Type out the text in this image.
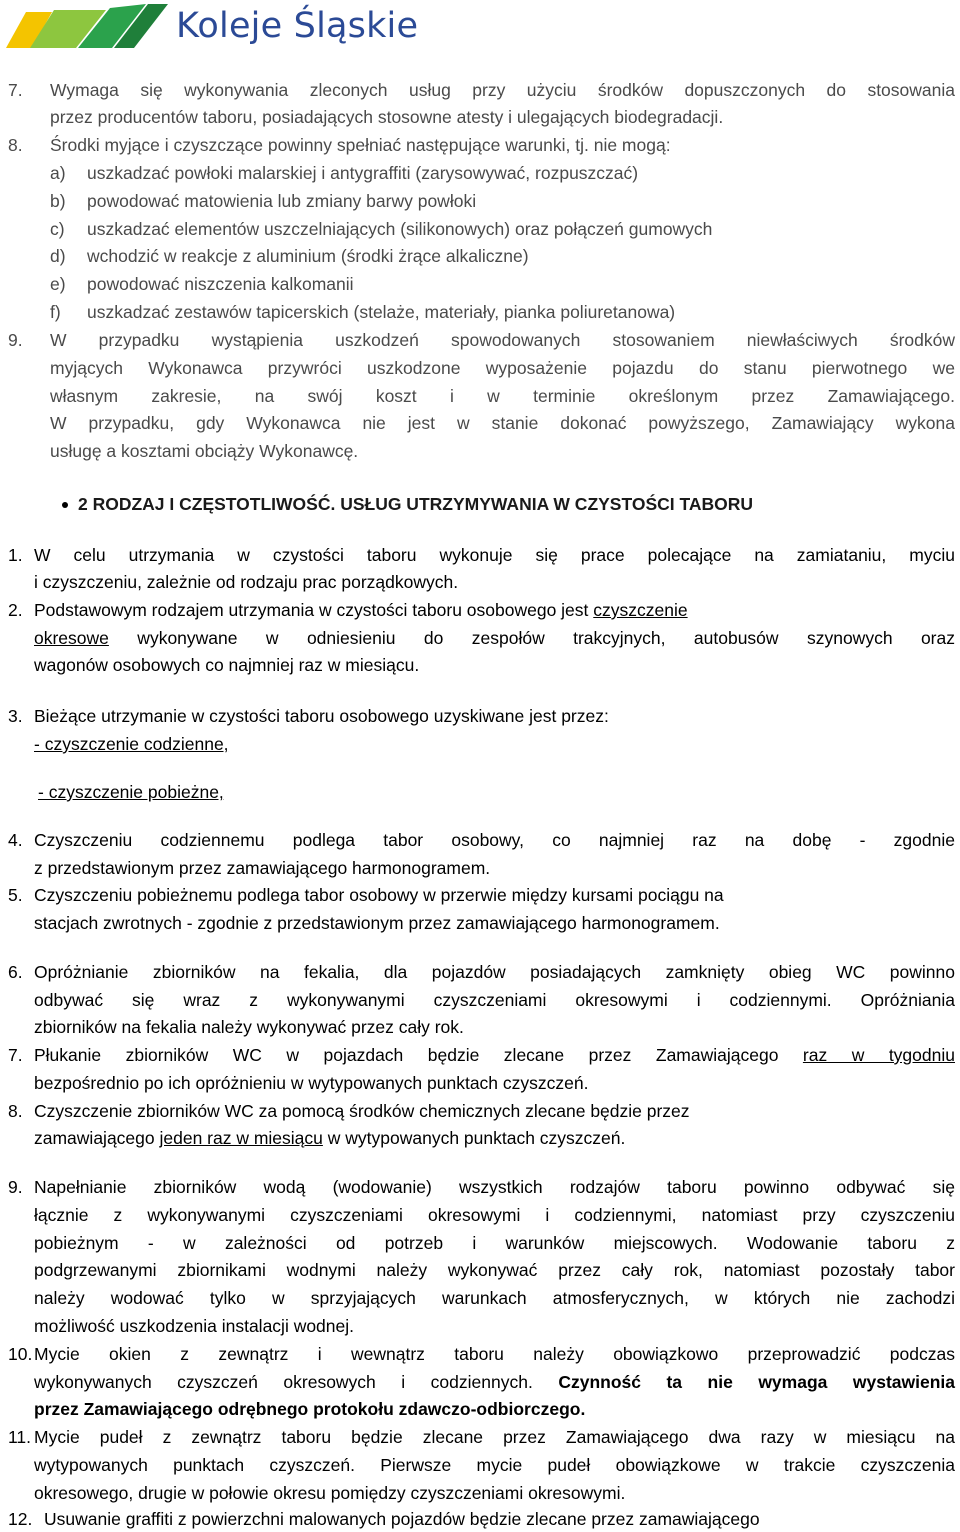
Koleje Śląskie
7. Wymaga się wykonywania zleconych usług przy użyciu środków dopuszczonych do stosowania
przez producentów taboru, posiadających stosowne atesty i ulegających biodegradacji.
8. Środki myjące i czyszczące powinny spełniać następujące warunki, tj. nie mogą:
a) uszkadzać powłoki malarskiej i antygraffiti (zarysowywać, rozpuszczać)
b) powodować matowienia lub zmiany barwy powłoki
c) uszkadzać elementów uszczelniających (silikonowych) oraz połączeń gumowych
d) wchodzić w reakcje z aluminium (środki żrące alkaliczne)
e) powodować niszczenia kalkomanii
f) uszkadzać zestawów tapicerskich (stelaże, materiały, pianka poliuretanowa)
9. W przypadku wystąpienia uszkodzeń spowodowanych stosowaniem niewłaściwych środków
myjących Wykonawca przywróci uszkodzone wyposażenie pojazdu do stanu pierwotnego we
własnym zakresie, na swój koszt i w terminie określonym przez Zamawiającego.
W przypadku, gdy Wykonawca nie jest w stanie dokonać powyższego, Zamawiający wykona
usługę a kosztami obciąży Wykonawcę.
2 RODZAJ I CZĘSTOTLIWOŚĆ. USŁUG UTRZYMYWANIA W CZYSTOŚCI TABORU
1. W celu utrzymania w czystości taboru wykonuje się prace polecające na zamiataniu, myciu
i czyszczeniu, zależnie od rodzaju prac porządkowych.
2. Podstawowym rodzajem utrzymania w czystości taboru osobowego jest czyszczenie
okresowe wykonywane w odniesieniu do zespołów trakcyjnych, autobusów szynowych oraz
wagonów osobowych co najmniej raz w miesiącu.
3. Bieżące utrzymanie w czystości taboru osobowego uzyskiwane jest przez:
- czyszczenie codzienne,
- czyszczenie pobieżne,
4. Czyszczeniu codziennemu podlega tabor osobowy, co najmniej raz na dobę - zgodnie
z przedstawionym przez zamawiającego harmonogramem.
5. Czyszczeniu pobieżnemu podlega tabor osobowy w przerwie między kursami pociągu na
stacjach zwrotnych - zgodnie z przedstawionym przez zamawiającego harmonogramem.
6. Opróżnianie zbiorników na fekalia, dla pojazdów posiadających zamknięty obieg WC powinno
odbywać się wraz z wykonywanymi czyszczeniami okresowymi i codziennymi. Opróżniania
zbiorników na fekalia należy wykonywać przez cały rok.
7. Płukanie zbiorników WC w pojazdach będzie zlecane przez Zamawiającego raz w tygodniu
bezpośrednio po ich opróżnieniu w wytypowanych punktach czyszczeń.
8. Czyszczenie zbiorników WC za pomocą środków chemicznych zlecane będzie przez
zamawiającego jeden raz w miesiącu w wytypowanych punktach czyszczeń.
9. Napełnianie zbiorników wodą (wodowanie) wszystkich rodzajów taboru powinno odbywać się
łącznie z wykonywanymi czyszczeniami okresowymi i codziennymi, natomiast przy czyszczeniu
pobieżnym - w zależności od potrzeb i warunków miejscowych. Wodowanie taboru z
podgrzewanymi zbiornikami wodnymi należy wykonywać przez cały rok, natomiast pozostały tabor
należy wodować tylko w sprzyjających warunkach atmosferycznych, w których nie zachodzi
możliwość uszkodzenia instalacji wodnej.
10. Mycie okien z zewnątrz i wewnątrz taboru należy obowiązkowo przeprowadzić podczas
wykonywanych czyszczeń okresowych i codziennych. Czynność ta nie wymaga wystawienia
przez Zamawiającego odrębnego protokołu zdawczo-odbiorczego.
11. Mycie pudeł z zewnątrz taboru będzie zlecane przez Zamawiającego dwa razy w miesiącu na
wytypowanych punktach czyszczeń. Pierwsze mycie pudeł obowiązkowe w trakcie czyszczenia
okresowego, drugie w połowie okresu pomiędzy czyszczeniami okresowymi.
12. Usuwanie graffiti z powierzchni malowanych pojazdów będzie zlecane przez zamawiającego
